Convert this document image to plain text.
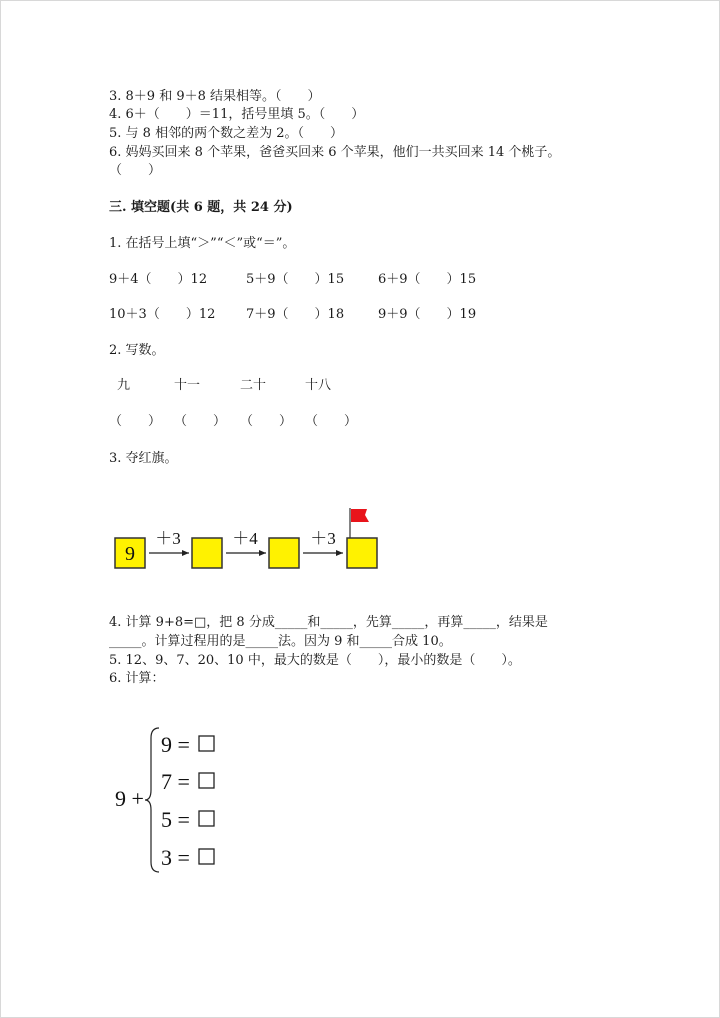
3. 8＋9 和 9＋8 结果相等。（　　）
4. 6＋（　　）＝11，括号里填 5。（　　）
5. 与 8 相邻的两个数之差为 2。（　　）
6. 妈妈买回来 8 个苹果，爸爸买回来 6 个苹果，他们一共买回来 14 个桃子。
（　　）
三. 填空题(共 6 题，共 24 分)
1. 在括号上填“＞”“＜”或“＝”。
9＋4（　　）12	5＋9（　　）15	6＋9（　　）15
10＋3（　　）12 7＋9（　　）18	9＋9（　　）19
2. 写数。
九	十一	二十	十八
（　　） （　　） （　　） （　　）
3. 夺红旗。
9
＋3	＋4	＋3
4. 计算 9+8=□，把 8 分成_____和_____，先算_____，再算_____，结果是
_____。计算过程用的是_____法。因为 9 和_____合成 10。
5. 12、9、7、20、10 中，最大的数是（　　），最小的数是（　　）。
6. 计算：
9 +
9 =
7 =
5 =
3 =
